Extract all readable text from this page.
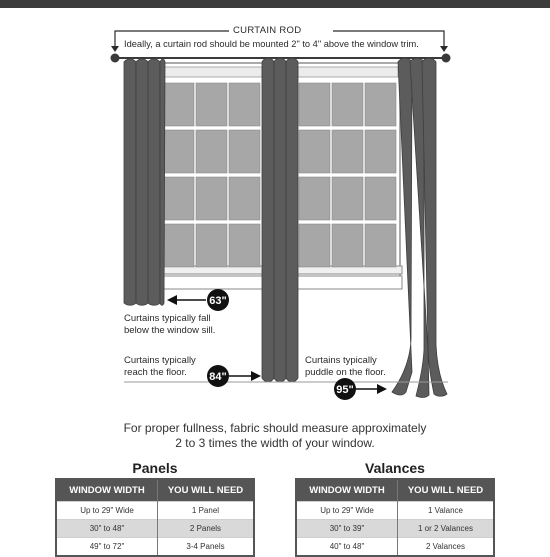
63"
84"
95"
CURTAIN ROD
Ideally, a curtain rod should be mounted 2" to 4" above the window trim.
Curtains typically fall
below the window sill.
Curtains typically
reach the floor.
Curtains typically
puddle on the floor.
For proper fullness, fabric should measure approximately
2 to 3 times the width of your window.
Panels
WINDOW WIDTH	YOU WILL NEED
Up to 29" Wide	1 Panel
30" to 48"	2 Panels
49" to 72"	3-4 Panels
Valances
WINDOW WIDTH	YOU WILL NEED
Up to 29" Wide	1 Valance
30" to 39"	1 or 2 Valances
40" to 48"	2 Valances
